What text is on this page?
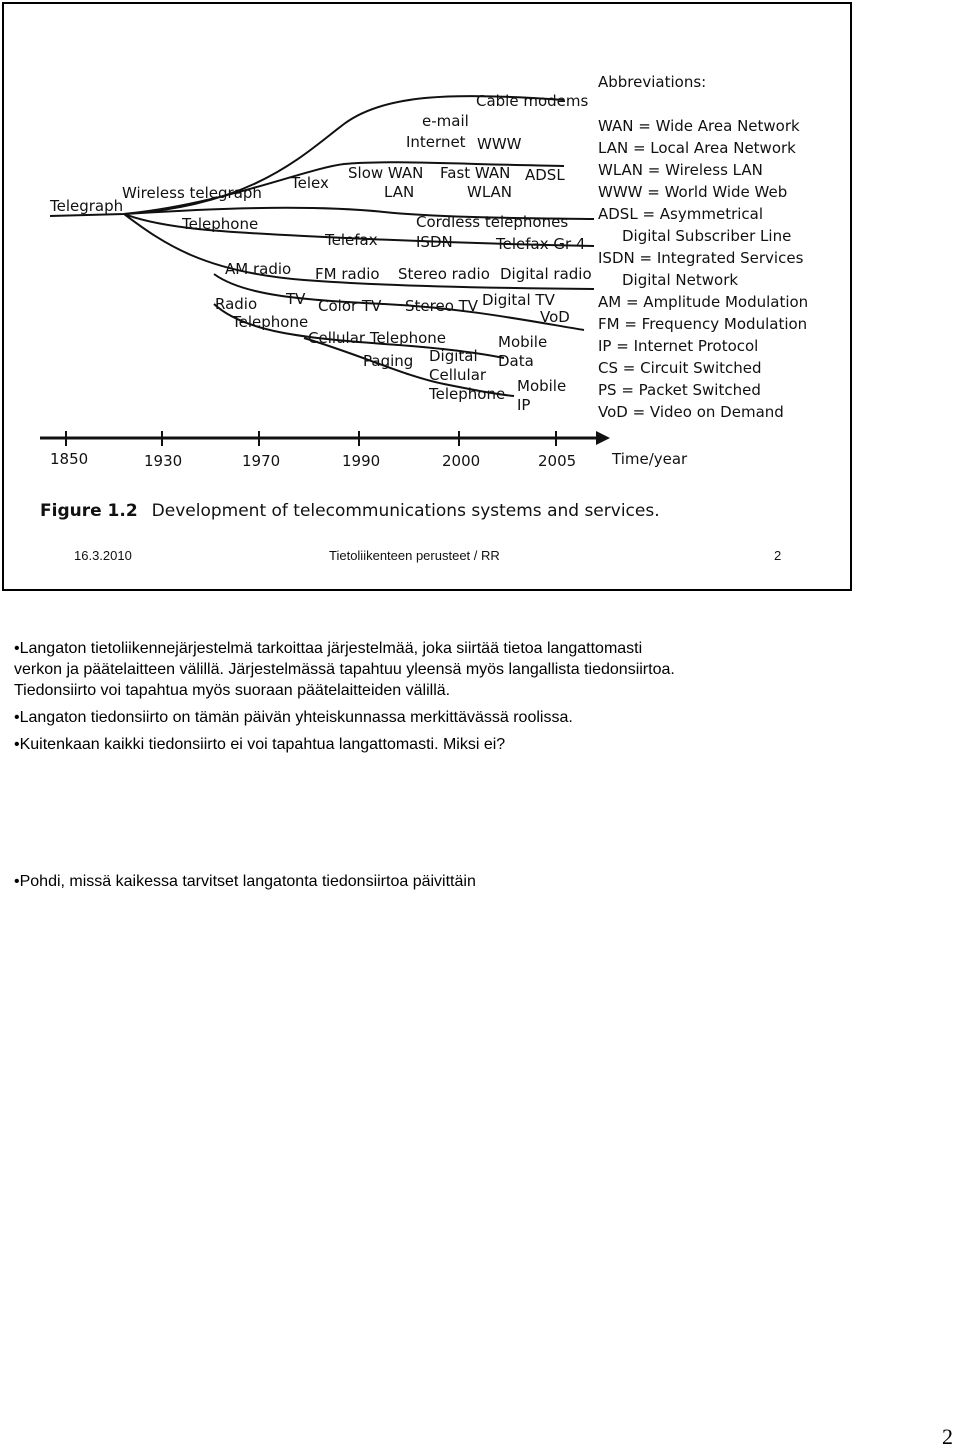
Telegraph
Wireless telegraph
Telex
Telephone
Telefax
AM radio FM radio Stereo radio Digital radio
Radio
Telephone
TV Color TV Stereo TV Digital TV
VoD
Cellular Telephone
Paging Digital
Cellular
Telephone
Mobile
Data
Mobile
IP
Cable modems
e-mail
Internet WWW
Slow WAN Fast WAN ADSL
LAN	WLAN
Cordless telephones
ISDN	Telefax Gr 4
Abbreviations:
WAN = Wide Area Network
LAN = Local Area Network
WLAN = Wireless LAN
WWW = World Wide Web
ADSL = Asymmetrical
Digital Subscriber Line
ISDN = Integrated Services
Digital Network
AM = Amplitude Modulation
FM = Frequency Modulation
IP = Internet Protocol
CS = Circuit Switched
PS = Packet Switched
VoD = Video on Demand
1850	1930	1970	1990	2000	2005 Time/year
Figure 1.2 Development of telecommunications systems and services.
16.3.2010	Tietoliikenteen perusteet / RR	2

•Langaton tietoliikennejärjestelmä tarkoittaa järjestelmää, joka siirtää tietoa langattomasti

verkon ja päätelaitteen välillä. Järjestelmässä tapahtuu yleensä myös langallista tiedonsiirtoa.

Tiedonsiirto voi tapahtua myös suoraan päätelaitteiden välillä.

•Langaton tiedonsiirto on tämän päivän yhteiskunnassa merkittävässä roolissa.

•Kuitenkaan kaikki tiedonsiirto ei voi tapahtua langattomasti. Miksi ei?

•Pohdi, missä kaikessa tarvitset langatonta tiedonsiirtoa päivittäin

2
